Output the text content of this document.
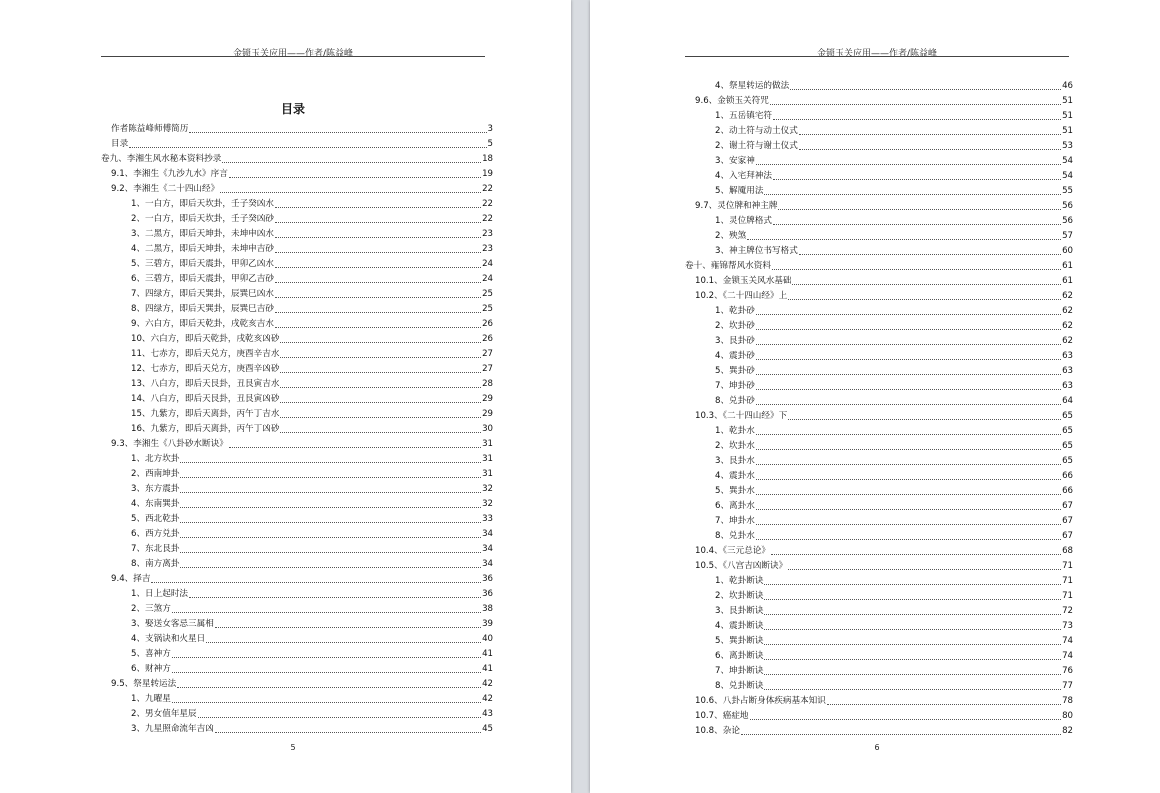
金锁玉关应用——作者/陈益峰
目录
作者陈益峰师傅简历	3
目录	5
卷九、李湘生风水秘本资料抄录	18
9.1、李湘生《九沙九水》序言	19
9.2、李湘生《二十四山经》	22
1、一白方，即后天坎卦，壬子癸凶水	22
2、一白方，即后天坎卦，壬子癸凶砂	22
3、二黑方，即后天坤卦，未坤申凶水	23
4、二黑方，即后天坤卦，未坤申吉砂	23
5、三碧方，即后天震卦，甲卯乙凶水	24
6、三碧方，即后天震卦，甲卯乙吉砂	24
7、四绿方，即后天巽卦，辰巽巳凶水	25
8、四绿方，即后天巽卦，辰巽巳吉砂	25
9、六白方，即后天乾卦，戌乾亥吉水	26
10、六白方，即后天乾卦，戌乾亥凶砂	26
11、七赤方，即后天兑方，庚酉辛吉水	27
12、七赤方，即后天兑方，庚酉辛凶砂	27
13、八白方，即后天艮卦，丑艮寅吉水	28
14、八白方，即后天艮卦，丑艮寅凶砂	29
15、九紫方，即后天离卦，丙午丁吉水	29
16、九紫方，即后天离卦，丙午丁凶砂	30
9.3、李湘生《八卦砂水断诀》	31
1、北方坎卦	31
2、西南坤卦	31
3、东方震卦	32
4、东南巽卦	32
5、西北乾卦	33
6、西方兑卦	34
7、东北艮卦	34
8、南方离卦	34
9.4、择吉	36
1、日上起时法	36
2、三煞方	38
3、娶送女客忌三属相	39
4、支锅诀和火星日	40
5、喜神方	41
6、财神方	41
9.5、祭星转运法	42
1、九曜星	42
2、男女值年星辰	43
3、九星照命流年吉凶	45
5
金锁玉关应用——作者/陈益峰
4、祭星转运的做法	46
9.6、金锁玉关符咒	51
1、五岳镇宅符	51
2、动土符与动土仪式	51
2、谢土符与谢土仪式	53
3、安家神	54
4、入宅拜神法	54
5、解魇用法	55
9.7、灵位牌和神主牌	56
1、灵位牌格式	56
2、殃煞	57
3、神主牌位书写格式	60
卷十、雍锦帮风水资料	61
10.1、金锁玉关风水基础	61
10.2、《二十四山经》上	62
1、乾卦砂	62
2、坎卦砂	62
3、艮卦砂	62
4、震卦砂	63
5、巽卦砂	63
7、坤卦砂	63
8、兑卦砂	64
10.3、《二十四山经》下	65
1、乾卦水	65
2、坎卦水	65
3、艮卦水	65
4、震卦水	66
5、巽卦水	66
6、离卦水	67
7、坤卦水	67
8、兑卦水	67
10.4、《三元总论》	68
10.5、《八宫吉凶断诀》	71
1、乾卦断诀	71
2、坎卦断诀	71
3、艮卦断诀	72
4、震卦断诀	73
5、巽卦断诀	74
6、离卦断诀	74
7、坤卦断诀	76
8、兑卦断诀	77
10.6、八卦占断身体疾病基本知识	78
10.7、癌症地	80
10.8、杂论	82
6
